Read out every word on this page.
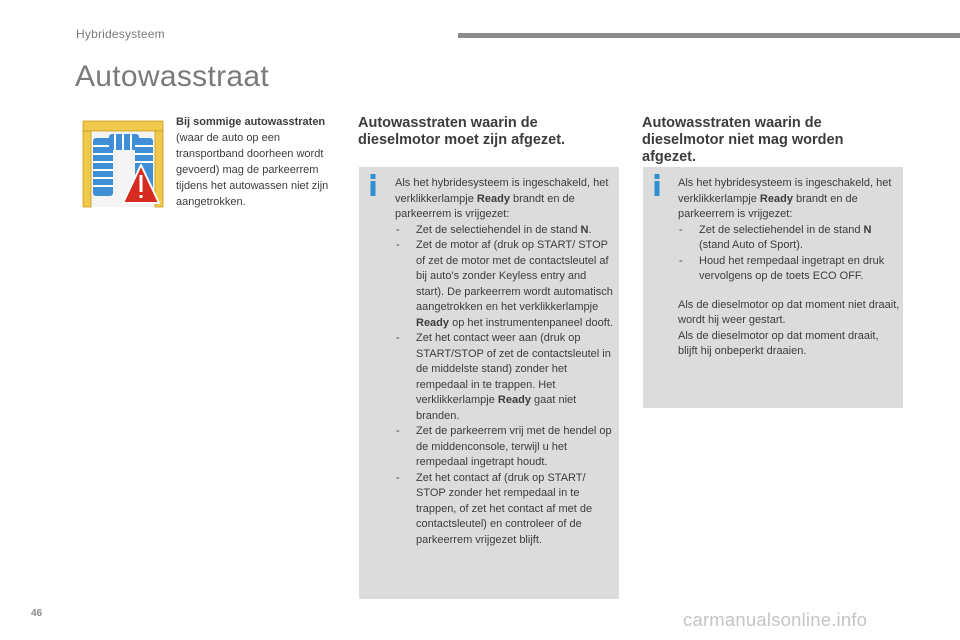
Hybridesysteem
Autowasstraat
Bij sommige autowasstraten
(waar de auto op een transportband doorheen wordt gevoerd) mag de parkeerrem tijdens het autowassen niet zijn aangetrokken.
Autowasstraten waarin de dieselmotor moet zijn afgezet.

Als het hybridesysteem is ingeschakeld, het verklikkerlampje Ready brandt en de parkeerrem is vrijgezet:

- Zet de selectiehendel in de stand N.
- Zet de motor af (druk op START/ STOP of zet de motor met de contactsleutel af bij auto's zonder Keyless entry and start). De parkeerrem wordt automatisch aangetrokken en het verklikkerlampje Ready op het instrumentenpaneel dooft.
- Zet het contact weer aan (druk op START/STOP of zet de contactsleutel in de middelste stand) zonder het rempedaal in te trappen. Het verklikkerlampje Ready gaat niet branden.
- Zet de parkeerrem vrij met de hendel op de middenconsole, terwijl u het rempedaal ingetrapt houdt.
- Zet het contact af (druk op START/ STOP zonder het rempedaal in te trappen, of zet het contact af met de contactsleutel) en controleer of de parkeerrem vrijgezet blijft.
Autowasstraten waarin de dieselmotor niet mag worden afgezet.

Als het hybridesysteem is ingeschakeld, het verklikkerlampje Ready brandt en de parkeerrem is vrijgezet:

- Zet de selectiehendel in de stand N (stand Auto of Sport).
- Houd het rempedaal ingetrapt en druk vervolgens op de toets ECO OFF.

Als de dieselmotor op dat moment niet draait, wordt hij weer gestart.

Als de dieselmotor op dat moment draait, blijft hij onbeperkt draaien.

46	carmanualsonline.info
